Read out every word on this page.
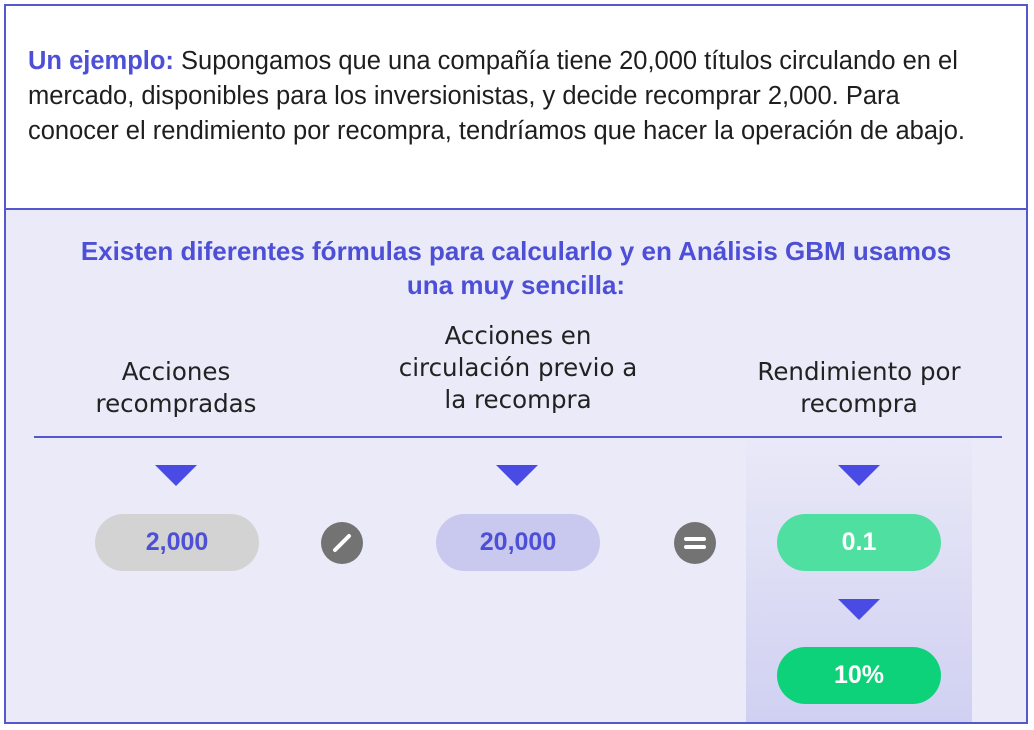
Un ejemplo: Supongamos que una compañía tiene 20,000 títulos circulando en el mercado, disponibles para los inversionistas, y decide recomprar 2,000. Para conocer el rendimiento por recompra, tendríamos que hacer la operación de abajo.

Existen diferentes fórmulas para calcularlo y en Análisis GBM usamos una muy sencilla:
Acciones recompradas
Acciones en circulación previo a la recompra
Rendimiento por recompra
2,000	20,000	0.1
10%
